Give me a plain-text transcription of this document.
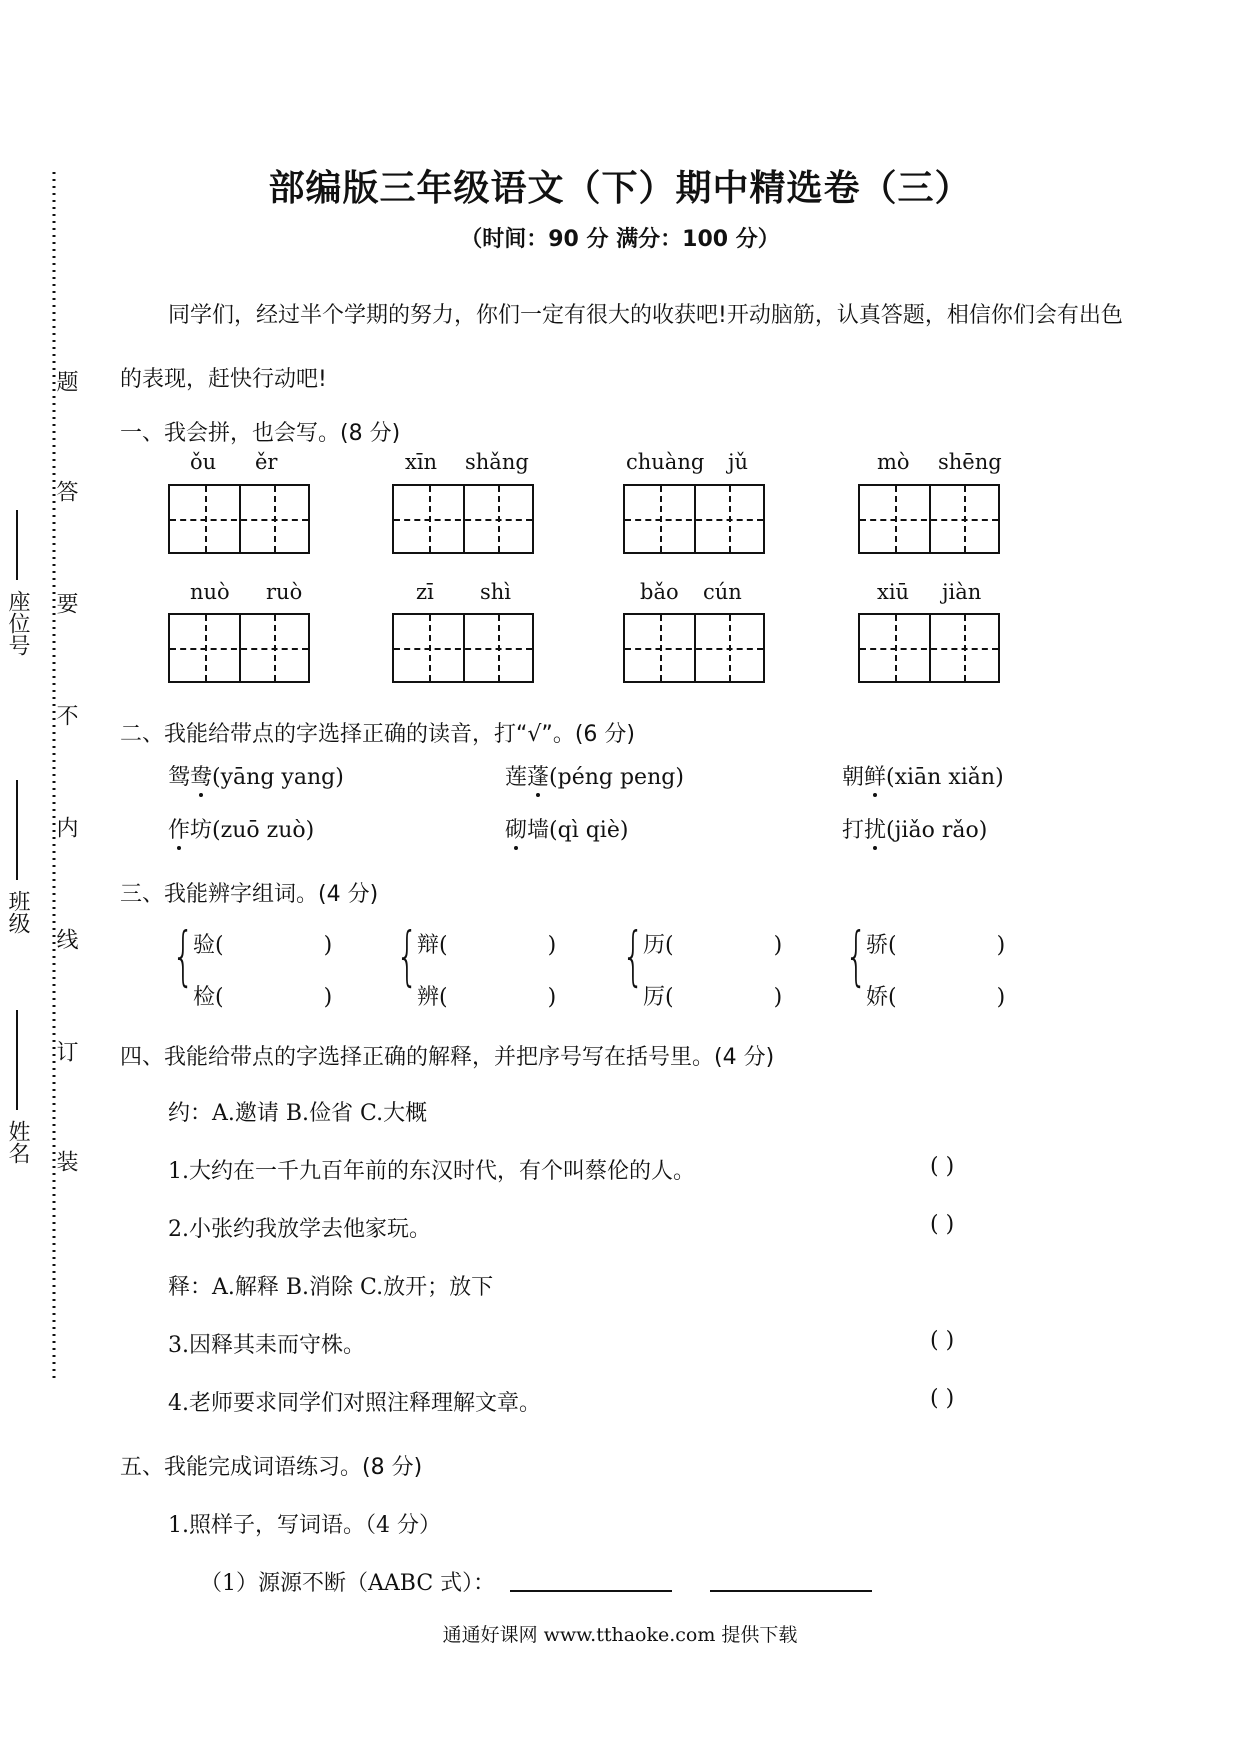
题
答
要
不
内
线
订
装
座位号
班级
姓名
部编版三年级语文（下）期中精选卷（三）
（时间：90 分 满分：100 分）
同学们，经过半个学期的努力，你们一定有很大的收获吧!开动脑筋，认真答题，相信你们会有出色的表现，赶快行动吧!
一、我会拼，也会写。(8 分)
ǒu ěr	xīn shǎng	chuàng jǔ	mò shēng
nuò ruò	zī shì	bǎo cún	xiū jiàn
二、我能给带点的字选择正确的读音，打“√”。(6 分)
鸳鸯(yāng yang)	莲蓬(péng peng)	朝鲜(xiān xiǎn)
作坊(zuō zuò)	砌墙(qì qiè)	打扰(jiǎo rǎo)
三、我能辨字组词。(4 分)
{
验(	)
检(	)
{
辩(	)
辨(	)
{
历(	)
厉(	)
{
骄(	)
娇(	)
四、我能给带点的字选择正确的解释，并把序号写在括号里。(4 分)
约：A.邀请 B.俭省 C.大概
1.大约在一千九百年前的东汉时代，有个叫蔡伦的人。	( )
2.小张约我放学去他家玩。	( )
释：A.解释 B.消除 C.放开；放下
3.因释其耒而守株。	( )
4.老师要求同学们对照注释理解文章。	( )
五、我能完成词语练习。(8 分)
1.照样子，写词语。（4 分）
（1）源源不断（AABC 式）：
通通好课网 www.tthaoke.com 提供下载
